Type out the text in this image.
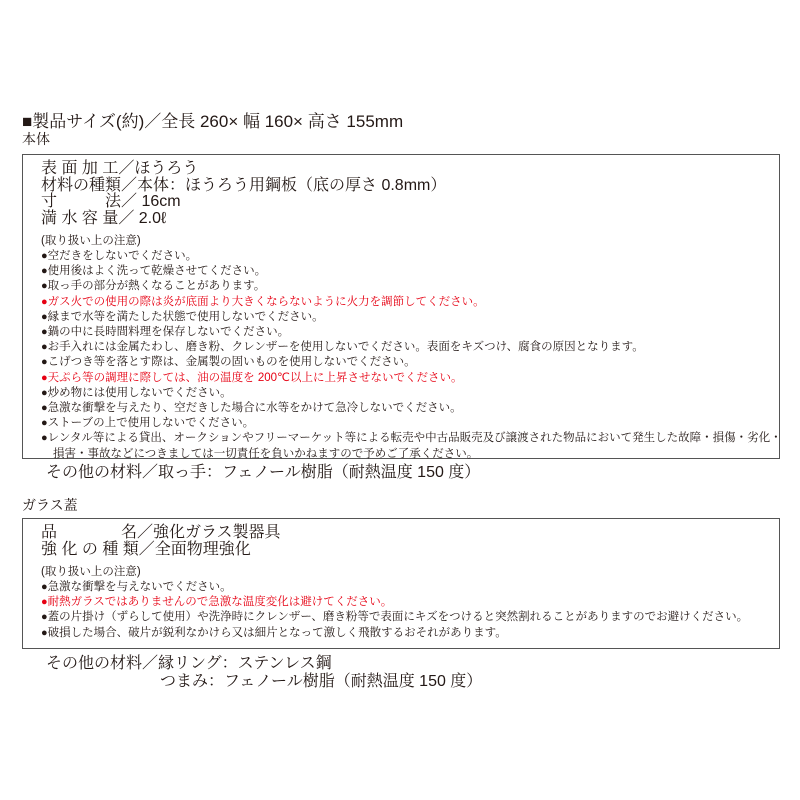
■製品サイズ(約)／全長 260× 幅 160× 高さ 155mm
本体
表 面 加 工／ほうろう
材料の種類／本体：ほうろう用鋼板（底の厚さ 0.8mm）
寸　　　法／ 16cm
満 水 容 量／ 2.0ℓ
(取り扱い上の注意)
●空だきをしないでください。
●使用後はよく洗って乾燥させてください。
●取っ手の部分が熱くなることがあります。
●ガス火での使用の際は炎が底面より大きくならないように火力を調節してください。
●縁まで水等を満たした状態で使用しないでください。
●鍋の中に長時間料理を保存しないでください。
●お手入れには金属たわし、磨き粉、クレンザーを使用しないでください。表面をキズつけ、腐食の原因となります。
●こげつき等を落とす際は、金属製の固いものを使用しないでください。
●天ぷら等の調理に際しては、油の温度を 200℃以上に上昇させないでください。
●炒め物には使用しないでください。
●急激な衝撃を与えたり、空だきした場合に水等をかけて急冷しないでください。
●ストーブの上で使用しないでください。
●レンタル等による貸出、オークションやフリーマーケット等による転売や中古品販売及び譲渡された物品において発生した故障・損傷・劣化・損害・事故などにつきましては一切責任を負いかねますので予めご了承ください。
その他の材料／取っ手：フェノール樹脂（耐熱温度 150 度）
ガラス蓋
品　　　　名／強化ガラス製器具
強 化 の 種 類／全面物理強化
(取り扱い上の注意)
●急激な衝撃を与えないでください。
●耐熱ガラスではありませんので急激な温度変化は避けてください。
●蓋の片掛け（ずらして使用）や洗浄時にクレンザー、磨き粉等で表面にキズをつけると突然割れることがありますのでお避けください。
●破損した場合、破片が鋭利なかけら又は細片となって激しく飛散するおそれがあります。
その他の材料／縁リング：ステンレス鋼
つまみ：フェノール樹脂（耐熱温度 150 度）
